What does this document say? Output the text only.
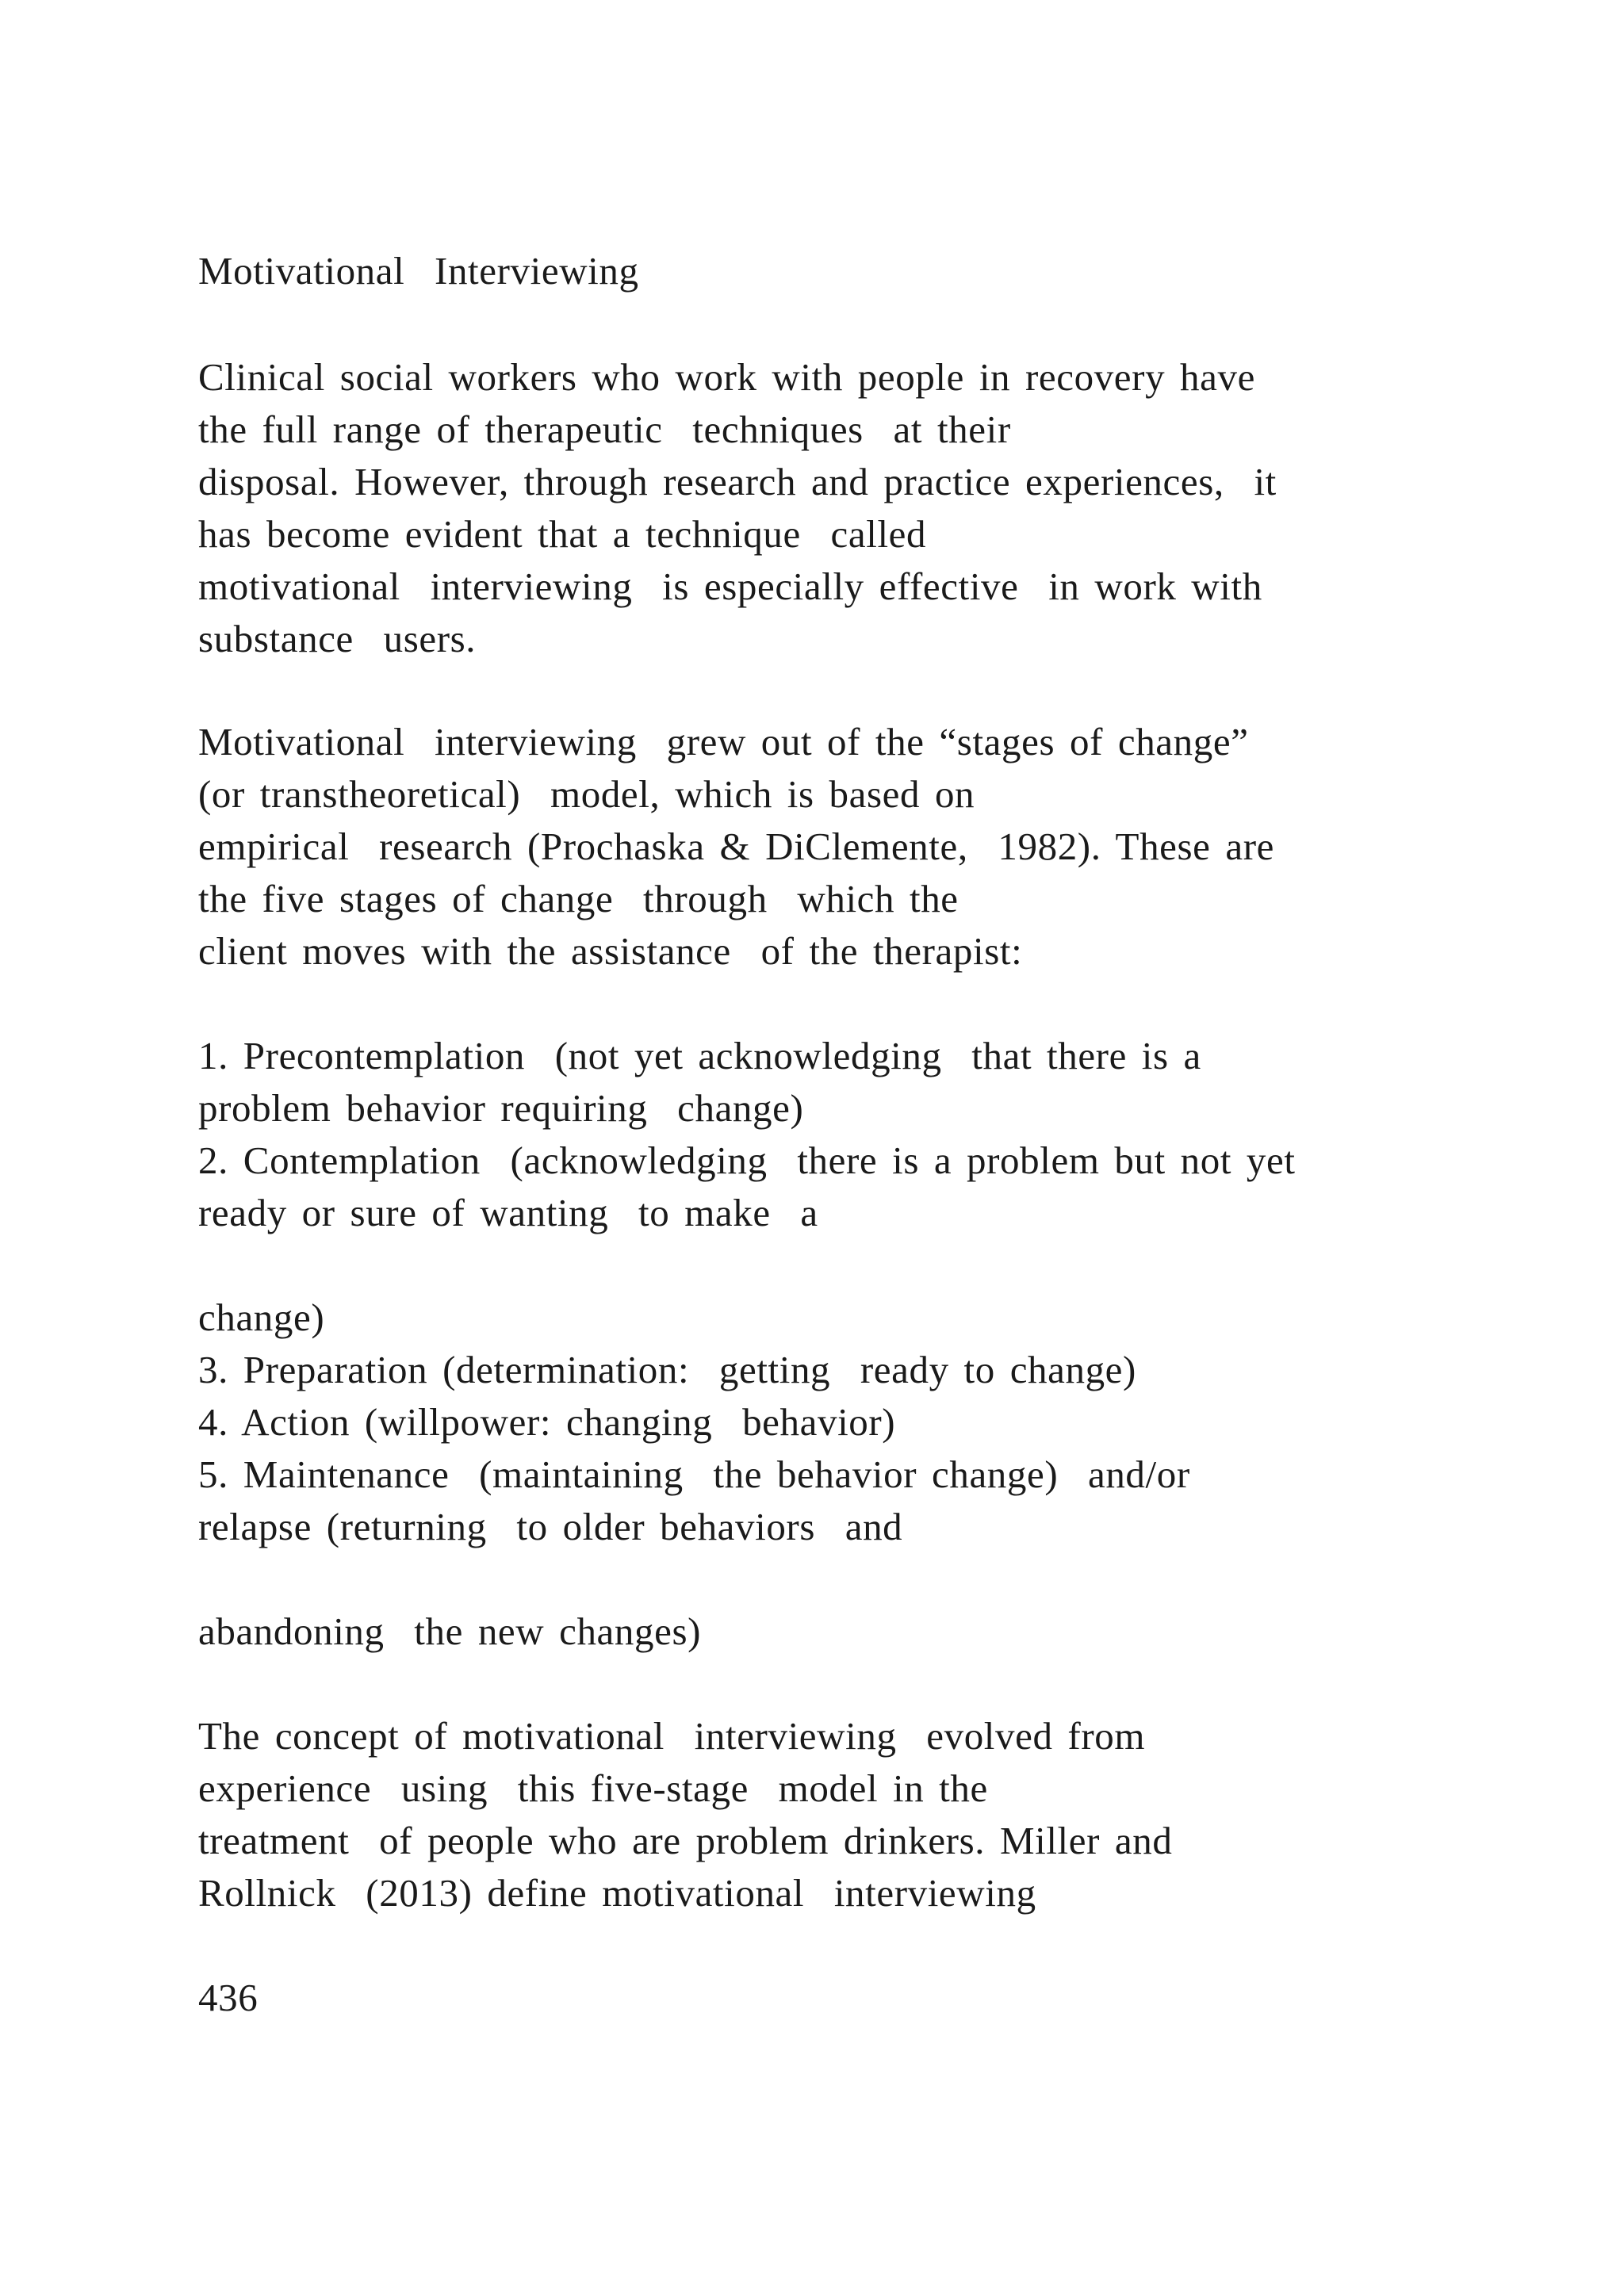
Motivational  Interviewing

Clinical social workers who work with people in recovery have

the full range of therapeutic  techniques  at their

disposal. However, through research and practice experiences,  it

has become evident that a technique  called

motivational  interviewing  is especially effective  in work with

substance  users.

Motivational  interviewing  grew out of the “stages of change”

(or transtheoretical)  model, which is based on

empirical  research (Prochaska & DiClemente,  1982). These are

the five stages of change  through  which the

client moves with the assistance  of the therapist:

1. Precontemplation  (not yet acknowledging  that there is a

problem behavior requiring  change)

2. Contemplation  (acknowledging  there is a problem but not yet

ready or sure of wanting  to make  a

change)

3. Preparation (determination:  getting  ready to change)

4. Action (willpower: changing  behavior)

5. Maintenance  (maintaining  the behavior change)  and/or

relapse (returning  to older behaviors  and

abandoning  the new changes)

The concept of motivational  interviewing  evolved from

experience  using  this five-stage  model in the

treatment  of people who are problem drinkers. Miller and

Rollnick  (2013) define motivational  interviewing

436
